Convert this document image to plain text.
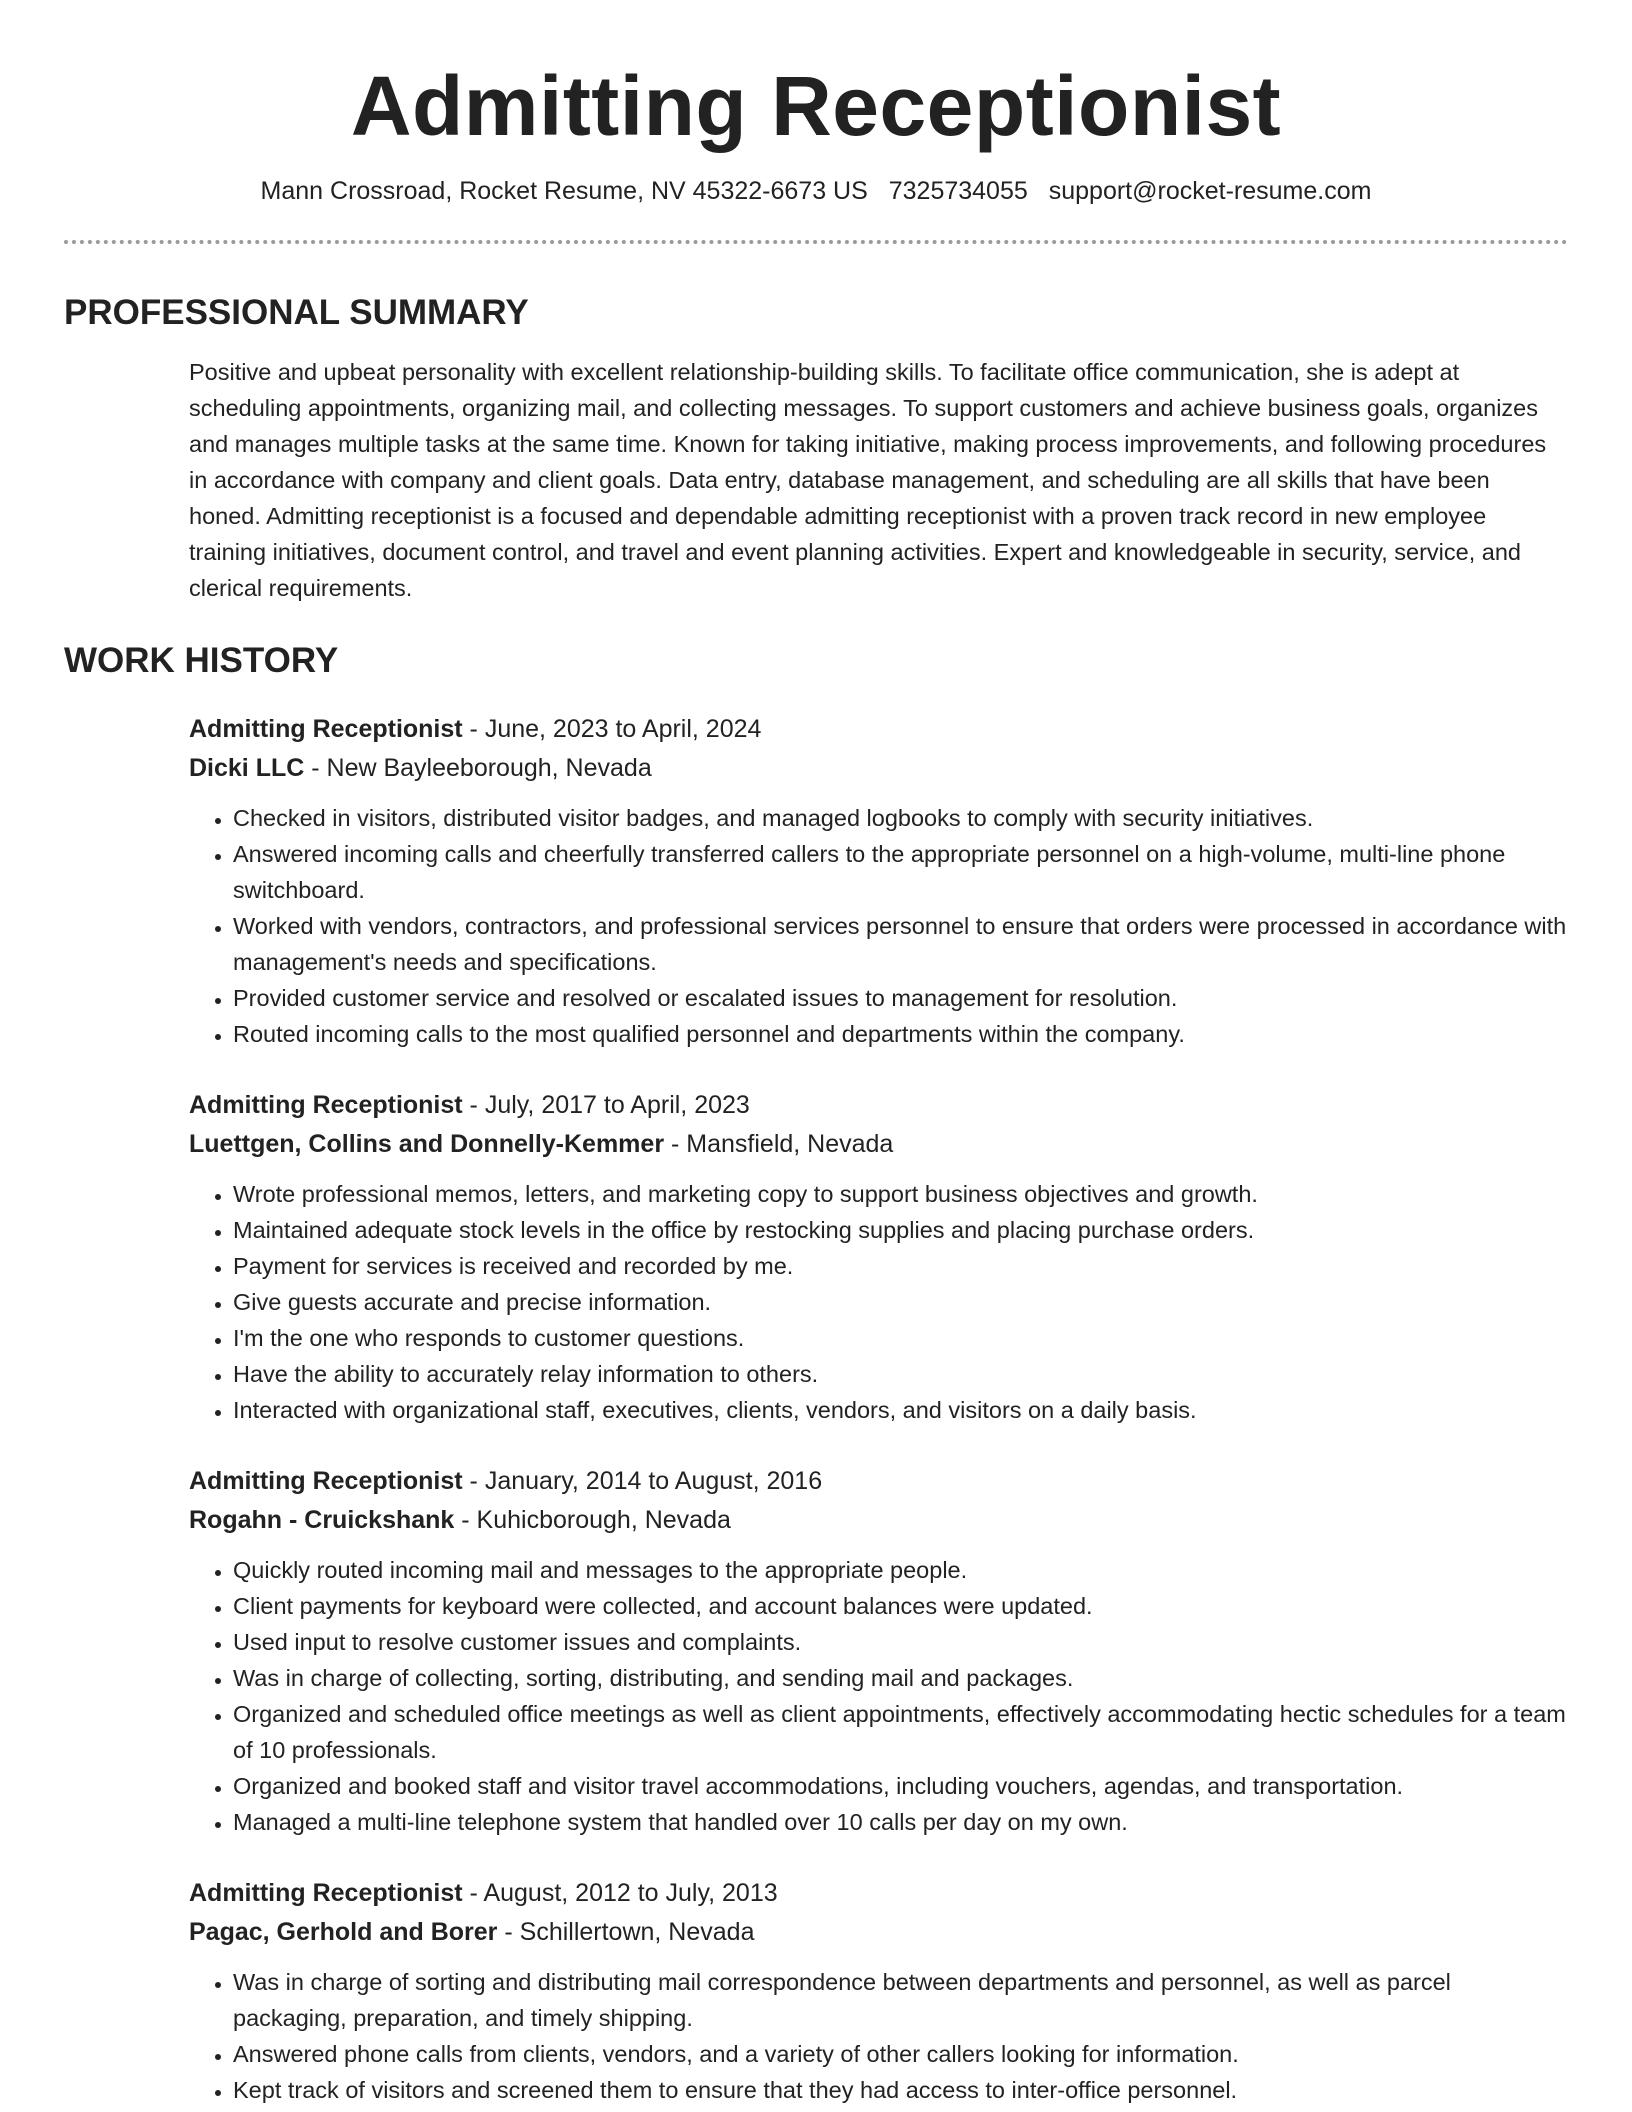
Admitting Receptionist
Mann Crossroad, Rocket Resume, NV 45322-6673 US 7325734055 support@rocket-resume.com
PROFESSIONAL SUMMARY
Positive and upbeat personality with excellent relationship-building skills. To facilitate office communication, she is adept at scheduling appointments, organizing mail, and collecting messages. To support customers and achieve business goals, organizes and manages multiple tasks at the same time. Known for taking initiative, making process improvements, and following procedures in accordance with company and client goals. Data entry, database management, and scheduling are all skills that have been honed. Admitting receptionist is a focused and dependable admitting receptionist with a proven track record in new employee training initiatives, document control, and travel and event planning activities. Expert and knowledgeable in security, service, and clerical requirements.
WORK HISTORY
Admitting Receptionist - June, 2023 to April, 2024
Dicki LLC - New Bayleeborough, Nevada
• Checked in visitors, distributed visitor badges, and managed logbooks to comply with security initiatives.
• Answered incoming calls and cheerfully transferred callers to the appropriate personnel on a high-volume, multi-line phone switchboard.
• Worked with vendors, contractors, and professional services personnel to ensure that orders were processed in accordance with management's needs and specifications.
• Provided customer service and resolved or escalated issues to management for resolution.
• Routed incoming calls to the most qualified personnel and departments within the company.
Admitting Receptionist - July, 2017 to April, 2023
Luettgen, Collins and Donnelly-Kemmer - Mansfield, Nevada
• Wrote professional memos, letters, and marketing copy to support business objectives and growth.
• Maintained adequate stock levels in the office by restocking supplies and placing purchase orders.
• Payment for services is received and recorded by me.
• Give guests accurate and precise information.
• I'm the one who responds to customer questions.
• Have the ability to accurately relay information to others.
• Interacted with organizational staff, executives, clients, vendors, and visitors on a daily basis.
Admitting Receptionist - January, 2014 to August, 2016
Rogahn - Cruickshank - Kuhicborough, Nevada
• Quickly routed incoming mail and messages to the appropriate people.
• Client payments for keyboard were collected, and account balances were updated.
• Used input to resolve customer issues and complaints.
• Was in charge of collecting, sorting, distributing, and sending mail and packages.
• Organized and scheduled office meetings as well as client appointments, effectively accommodating hectic schedules for a team of 10 professionals.
• Organized and booked staff and visitor travel accommodations, including vouchers, agendas, and transportation.
• Managed a multi-line telephone system that handled over 10 calls per day on my own.
Admitting Receptionist - August, 2012 to July, 2013
Pagac, Gerhold and Borer - Schillertown, Nevada
• Was in charge of sorting and distributing mail correspondence between departments and personnel, as well as parcel packaging, preparation, and timely shipping.
• Answered phone calls from clients, vendors, and a variety of other callers looking for information.
• Kept track of visitors and screened them to ensure that they had access to inter-office personnel.
